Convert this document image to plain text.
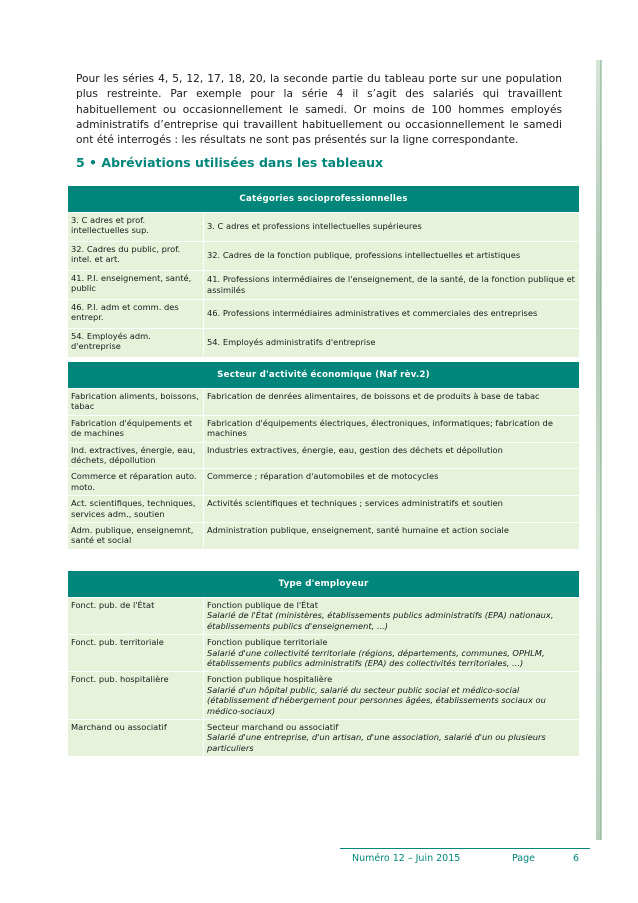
Pour les séries 4, 5, 12, 17, 18, 20, la seconde partie du tableau porte sur une population plus restreinte. Par exemple pour la série 4 il s’agit des salariés qui travaillent habituellement ou occasionnellement le samedi. Or moins de 100 hommes employés administratifs d’entreprise qui travaillent habituellement ou occasionnellement le samedi ont été interrogés : les résultats ne sont pas présentés sur la ligne correspondante.

5 • Abréviations utilisées dans les tableaux
Catégories socioprofessionnelles	
3. C adres et prof. intellectuelles sup.	3. C adres et professions intellectuelles supérieures
32. Cadres du public, prof. intel. et art.	32. Cadres de la fonction publique, professions intellectuelles et artistiques
41. P.I. enseignement, santé, public	41. Professions intermédiaires de l'enseignement, de la santé, de la fonction publique et assimilés
46. P.I. adm et comm. des entrepr.	46. Professions intermédiaires administratives et commerciales des entreprises
54. Employés adm. d'entreprise	54. Employés administratifs d'entreprise
Secteur d'activité économique (Naf rèv.2)	
Fabrication aliments, boissons, tabac	Fabrication de denrées alimentaires, de boissons et de produits à base de tabac
Fabrication d'équipements et de machines	Fabrication d'équipements électriques, électroniques, informatiques; fabrication de machines
Ind. extractives, énergie, eau, déchets, dépollution	Industries extractives, énergie, eau, gestion des déchets et dépollution
Commerce et réparation auto. moto.	Commerce ; réparation d'automobiles et de motocycles
Act. scientifiques, techniques, services adm., soutien	Activités scientifiques et techniques ; services administratifs et soutien
Adm. publique, enseignemnt, santé et social	Administration publique, enseignement, santé humaine et action sociale
Type d'employeur	
Fonct. pub. de l'État	Fonction publique de l'État
Salarié de l'État (ministères, établissements publics administratifs (EPA) nationaux, établissements publics d'enseignement, ...)
Fonct. pub. territoriale	Fonction publique territoriale
Salarié d'une collectivité territoriale (régions, départements, communes, OPHLM, établissements publics administratifs (EPA) des collectivités territoriales, ...)
Fonct. pub. hospitalière	Fonction publique hospitalière
Salarié d'un hôpital public, salarié du secteur public social et médico-social (établissement d'hébergement pour personnes âgées, établissements sociaux ou médico-sociaux)
Marchand ou associatif	Secteur marchand ou associatif
Salarié d'une entreprise, d'un artisan, d'une association, salarié d'un ou plusieurs particuliers
Numéro 12 – Juin 2015	Page	6
